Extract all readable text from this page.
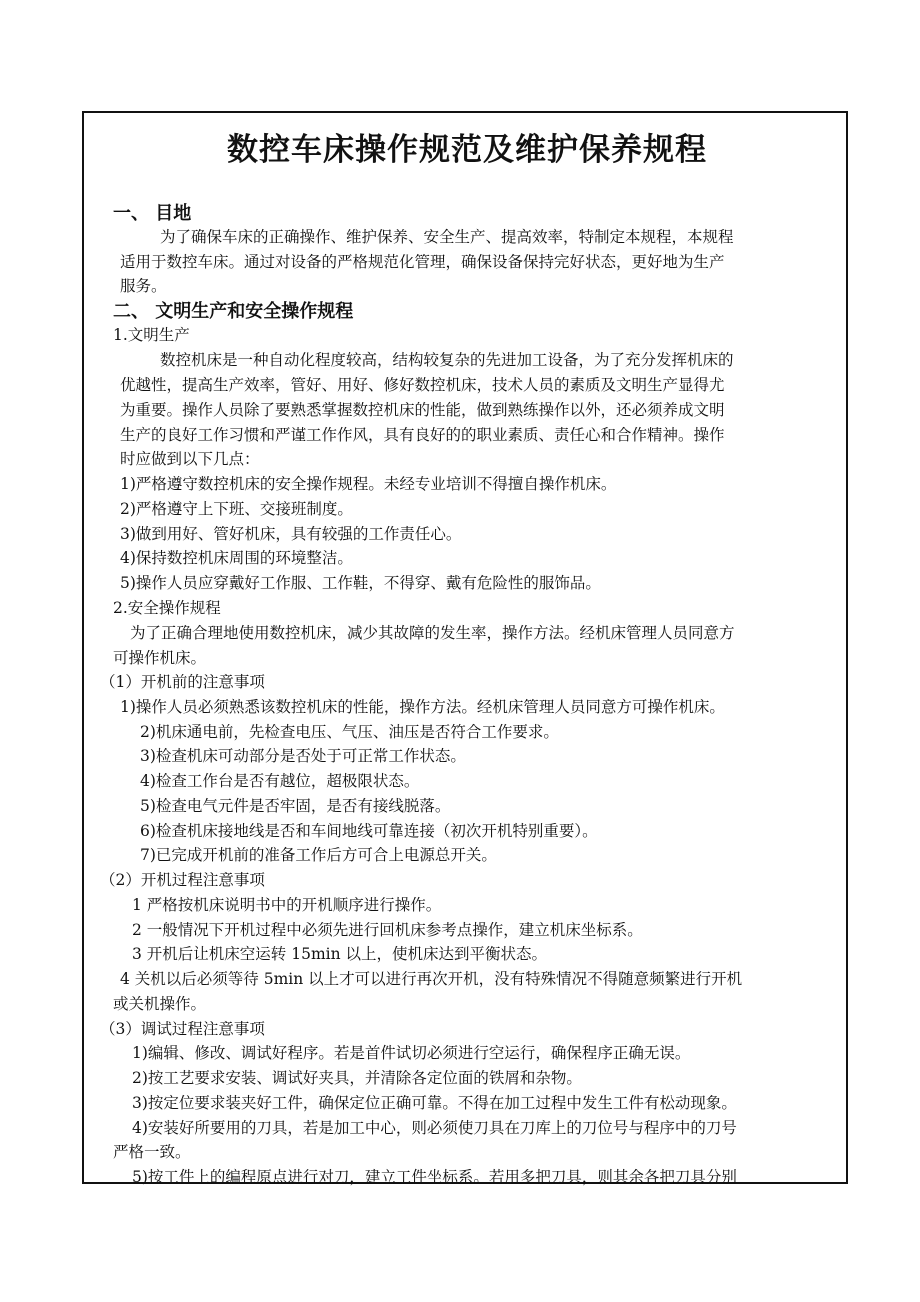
数控车床操作规范及维护保养规程
一、 目地
为了确保车床的正确操作、维护保养、安全生产、提高效率，特制定本规程，本规程
适用于数控车床。通过对设备的严格规范化管理，确保设备保持完好状态，更好地为生产
服务。
二、 文明生产和安全操作规程
1.文明生产
数控机床是一种自动化程度较高，结构较复杂的先进加工设备，为了充分发挥机床的
优越性，提高生产效率，管好、用好、修好数控机床，技术人员的素质及文明生产显得尤
为重要。操作人员除了要熟悉掌握数控机床的性能，做到熟练操作以外，还必须养成文明
生产的良好工作习惯和严谨工作作风，具有良好的的职业素质、责任心和合作精神。操作
时应做到以下几点：
1)严格遵守数控机床的安全操作规程。未经专业培训不得擅自操作机床。
2)严格遵守上下班、交接班制度。
3)做到用好、管好机床，具有较强的工作责任心。
4)保持数控机床周围的环境整洁。
5)操作人员应穿戴好工作服、工作鞋，不得穿、戴有危险性的服饰品。
2.安全操作规程
为了正确合理地使用数控机床，减少其故障的发生率，操作方法。经机床管理人员同意方
可操作机床。
（1）开机前的注意事项
1)操作人员必须熟悉该数控机床的性能，操作方法。经机床管理人员同意方可操作机床。
2)机床通电前，先检查电压、气压、油压是否符合工作要求。
3)检查机床可动部分是否处于可正常工作状态。
4)检查工作台是否有越位，超极限状态。
5)检查电气元件是否牢固，是否有接线脱落。
6)检查机床接地线是否和车间地线可靠连接（初次开机特别重要）。
7)已完成开机前的准备工作后方可合上电源总开关。
（2）开机过程注意事项
1 严格按机床说明书中的开机顺序进行操作。
2 一般情况下开机过程中必须先进行回机床参考点操作，建立机床坐标系。
3 开机后让机床空运转 15min 以上，使机床达到平衡状态。
4 关机以后必须等待 5min 以上才可以进行再次开机，没有特殊情况不得随意频繁进行开机
或关机操作。
（3）调试过程注意事项
1)编辑、修改、调试好程序。若是首件试切必须进行空运行，确保程序正确无误。
2)按工艺要求安装、调试好夹具，并清除各定位面的铁屑和杂物。
3)按定位要求装夹好工件，确保定位正确可靠。不得在加工过程中发生工件有松动现象。
4)安装好所要用的刀具，若是加工中心，则必须使刀具在刀库上的刀位号与程序中的刀号
严格一致。
5)按工件上的编程原点进行对刀，建立工件坐标系。若用多把刀具，则其余各把刀具分别
